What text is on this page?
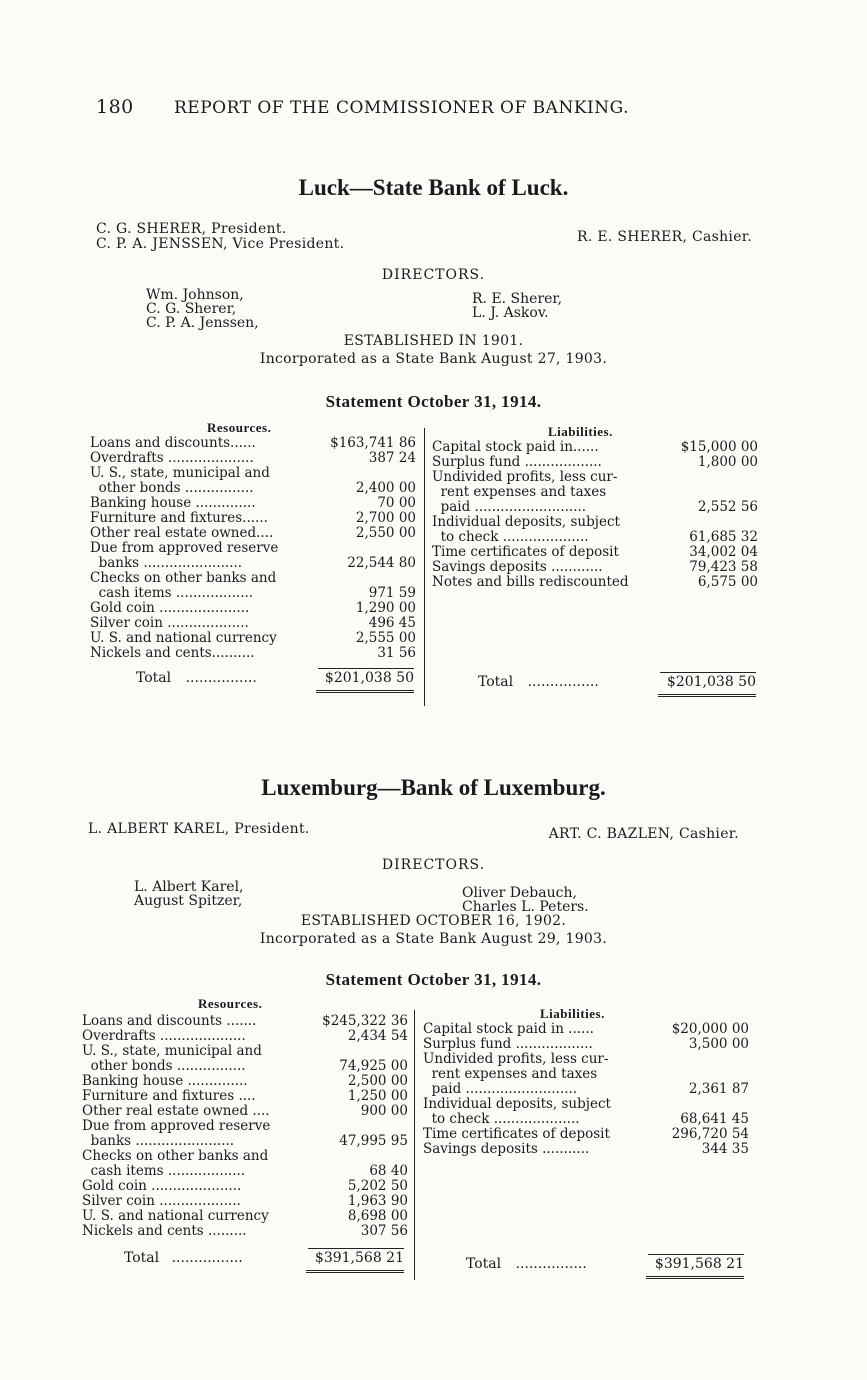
180 REPORT OF THE COMMISSIONER OF BANKING.
Luck—State Bank of Luck.
C. G. SHERER, President.
C. P. A. JENSSEN, Vice President.	R. E. SHERER, Cashier.
DIRECTORS.
Wm. Johnson,
C. G. Sherer,
C. P. A. Jenssen,
R. E. Sherer,
L. J. Askov.
ESTABLISHED IN 1901.
Incorporated as a State Bank August 27, 1903.
Statement October 31, 1914.
Resources.	Liabilities.
Loans and discounts......	$163,741 86
Overdrafts ....................	387 24
U. S., state, municipal and
other bonds ................	2,400 00
Banking house ..............	70 00
Furniture and fixtures......	2,700 00
Other real estate owned....	2,550 00
Due from approved reserve
banks .......................	22,544 80
Checks on other banks and
cash items ..................	971 59
Gold coin .....................	1,290 00
Silver coin ...................	496 45
U. S. and national currency	2,555 00
Nickels and cents..........	31 56
Capital stock paid in......	$15,000 00
Surplus fund ..................	1,800 00
Undivided profits, less cur-
rent expenses and taxes
paid ..........................	2,552 56
Individual deposits, subject
to check ....................	61,685 32
Time certificates of deposit	34,002 04
Savings deposits ............	79,423 58
Notes and bills rediscounted	6,575 00
Total ................	$201,038 50	Total ................	$201,038 50
Luxemburg—Bank of Luxemburg.
L. ALBERT KAREL, President.	ART. C. BAZLEN, Cashier.
DIRECTORS.
L. Albert Karel,
August Spitzer,	Oliver Debauch,
Charles L. Peters.
ESTABLISHED OCTOBER 16, 1902.
Incorporated as a State Bank August 29, 1903.
Statement October 31, 1914.
Resources.
Liabilities.
Loans and discounts .......	$245,322 36
Overdrafts ....................	2,434 54
U. S., state, municipal and
other bonds ................	74,925 00
Banking house ..............	2,500 00
Furniture and fixtures ....	1,250 00
Other real estate owned ....	900 00
Due from approved reserve
banks .......................	47,995 95
Checks on other banks and
cash items ..................	68 40
Gold coin .....................	5,202 50
Silver coin ...................	1,963 90
U. S. and national currency	8,698 00
Nickels and cents .........	307 56
Capital stock paid in ......	$20,000 00
Surplus fund ..................	3,500 00
Undivided profits, less cur-
rent expenses and taxes
paid ..........................	2,361 87
Individual deposits, subject
to check ....................	68,641 45
Time certificates of deposit	296,720 54
Savings deposits ...........	344 35
Total ................	$391,568 21	Total ................	$391,568 21
